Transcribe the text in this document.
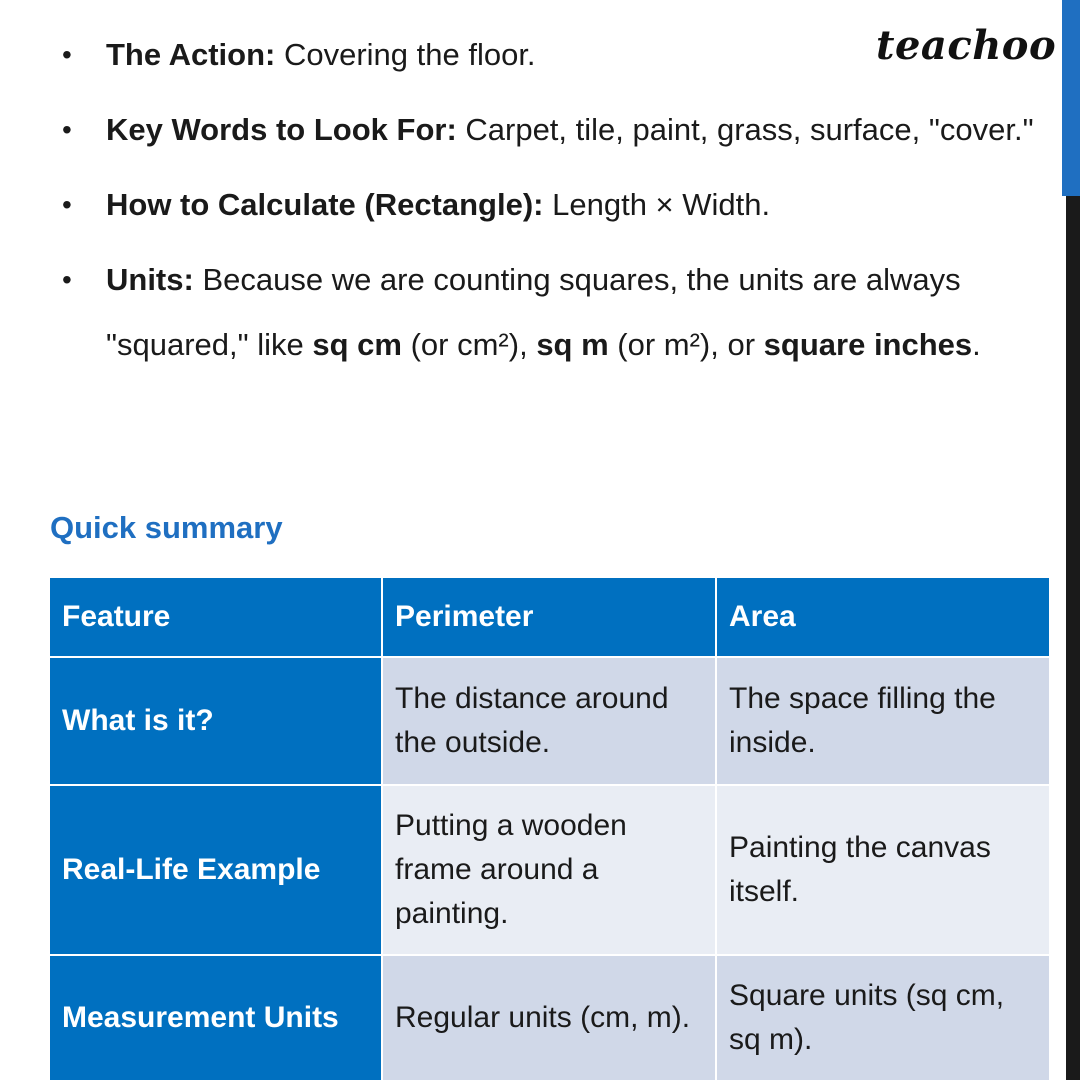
teachoo
• The Action: Covering the floor.
• Key Words to Look For: Carpet, tile, paint, grass, surface, "cover."
• How to Calculate (Rectangle): Length × Width.
• Units: Because we are counting squares, the units are always "squared," like sq cm (or cm²), sq m (or m²), or square inches.
Quick summary
Feature	Perimeter	Area
What is it?	The distance around the outside.	The space filling the inside.
Real-Life Example	Putting a wooden frame around a painting.	Painting the canvas itself.
Measurement Units	Regular units (cm, m).	Square units (sq cm, sq m).
